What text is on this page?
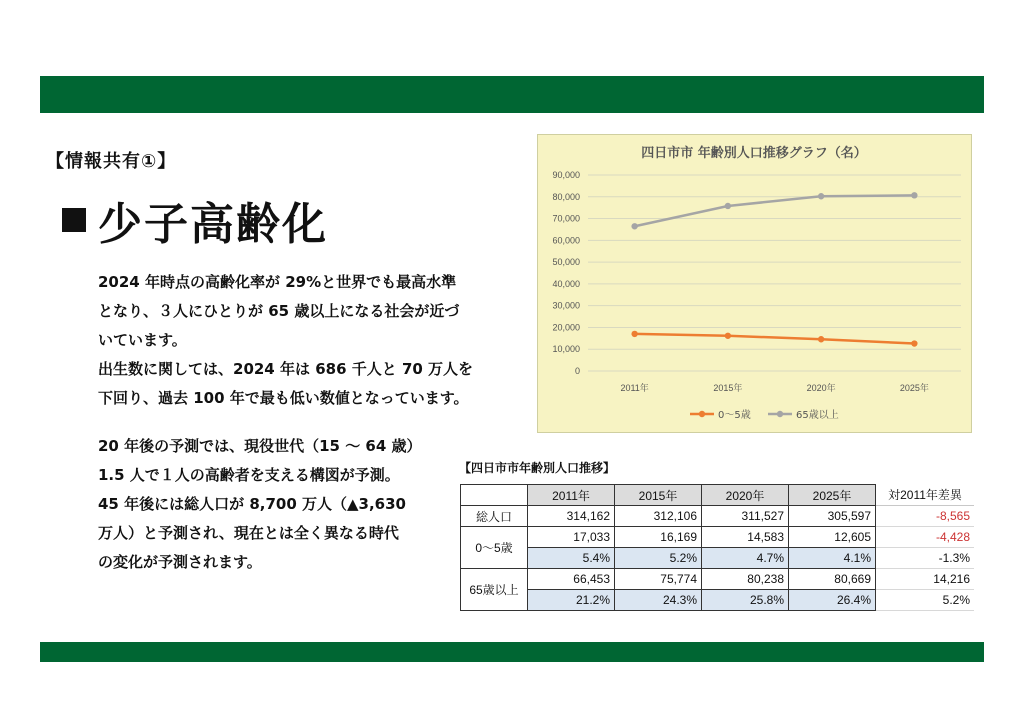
【情報共有①】
少子高齢化

2024 年時点の高齢化率が 29%と世界でも最高水準

となり、３人にひとりが 65 歳以上になる社会が近づ

いています。

出生数に関しては、2024 年は 686 千人と 70 万人を

下回り、過去 100 年で最も低い数値となっています。

20 年後の予測では、現役世代（15 ～ 64 歳）

1.5 人で１人の高齢者を支える構図が予測。

45 年後には総人口が 8,700 万人（▲3,630

万人）と予測され、現在とは全く異なる時代

の変化が予測されます。

四日市市 年齢別人口推移グラフ（名）
0
10,000
20,000
30,000
40,000
50,000
60,000
70,000
80,000
90,000
2011年	2015年	2020年	2025年
0～5歳	65歳以上
【四日市市年齢別人口推移】
	2011年	2015年	2020年	2025年	対2011年差異
総人口	314,162	312,106	311,527	305,597	-8,565
0～5歳	17,033	16,169	14,583	12,605	-4,428
	5.4%	5.2%	4.7%	4.1%	-1.3%
65歳以上	66,453	75,774	80,238	80,669	14,216
	21.2%	24.3%	25.8%	26.4%	5.2%
